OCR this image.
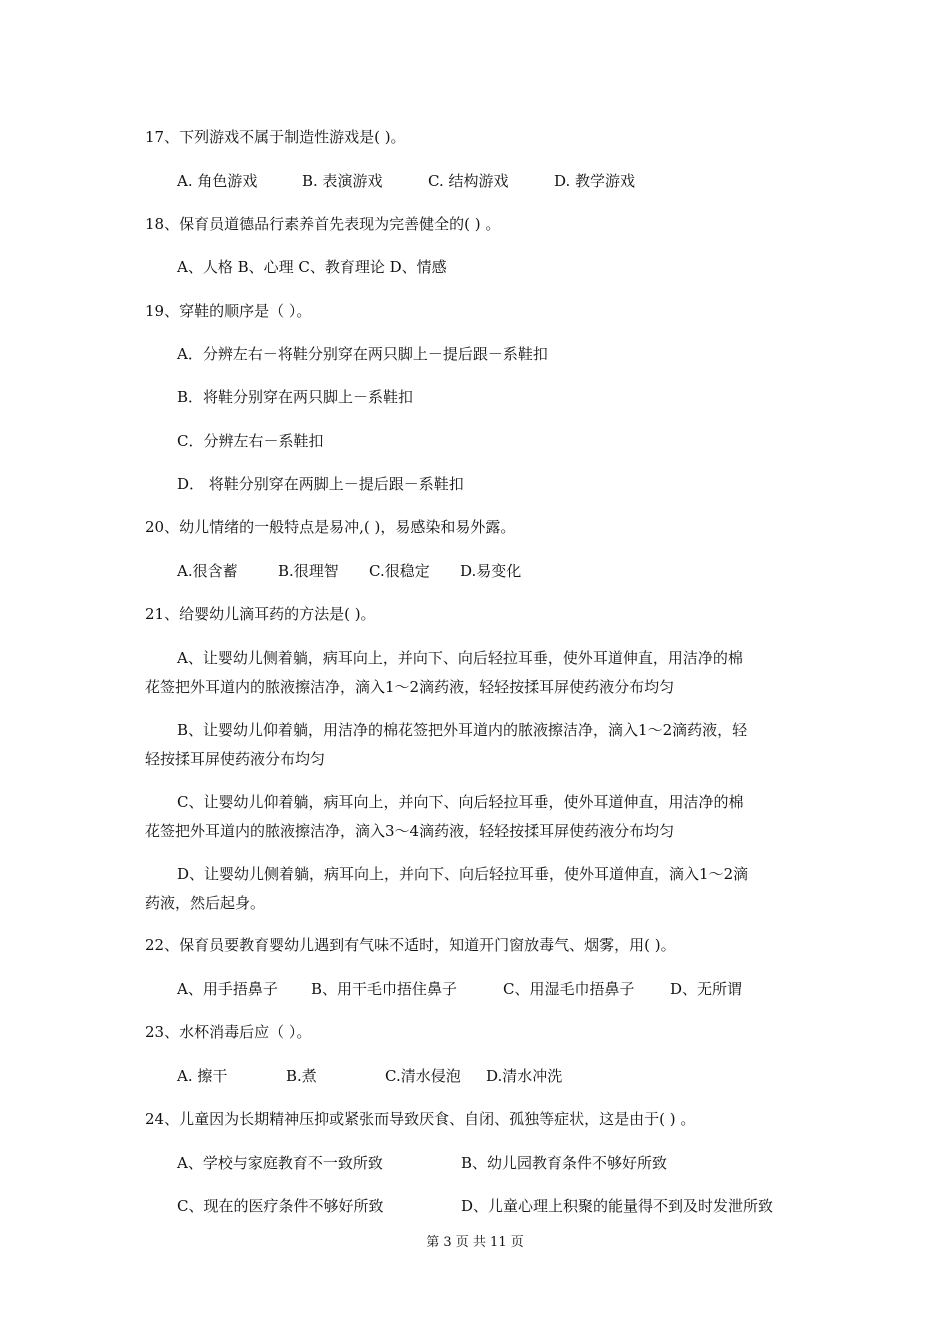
17、下列游戏不属于制造性游戏是( )。
A. 角色游戏	B. 表演游戏	C. 结构游戏	D. 教学游戏
18、保育员道德品行素养首先表现为完善健全的( ) 。
A、人格 B、心理 C、教育理论 D、情感
19、穿鞋的顺序是（ ）。
A．分辨左右－将鞋分别穿在两只脚上－提后跟－系鞋扣
B．将鞋分别穿在两只脚上－系鞋扣
C．分辨左右－系鞋扣
D． 将鞋分别穿在两脚上－提后跟－系鞋扣
20、幼儿情绪的一般特点是易冲,( )，易感染和易外露。
A.很含蓄	B.很理智 C.很稳定 D.易变化
21、给婴幼儿滴耳药的方法是( )。
A、让婴幼儿侧着躺，病耳向上，并向下、向后轻拉耳垂，使外耳道伸直，用洁净的棉
花签把外耳道内的脓液擦洁净，滴入1～2滴药液，轻轻按揉耳屏使药液分布均匀
B、让婴幼儿仰着躺，用洁净的棉花签把外耳道内的脓液擦洁净，滴入1～2滴药液，轻
轻按揉耳屏使药液分布均匀
C、让婴幼儿仰着躺，病耳向上，并向下、向后轻拉耳垂，使外耳道伸直，用洁净的棉
花签把外耳道内的脓液擦洁净，滴入3～4滴药液，轻轻按揉耳屏使药液分布均匀
D、让婴幼儿侧着躺，病耳向上，并向下、向后轻拉耳垂，使外耳道伸直，滴入1～2滴
药液，然后起身。
22、保育员要教育婴幼儿遇到有气味不适时，知道开门窗放毒气、烟雾，用( )。
A、用手捂鼻子 B、用干毛巾捂住鼻子	C、用湿毛巾捂鼻子 D、无所谓
23、水杯消毒后应（ ）。
A. 擦干	B.煮	C.清水侵泡 D.清水冲洗
24、儿童因为长期精神压抑或紧张而导致厌食、自闭、孤独等症状，这是由于( ) 。
A、学校与家庭教育不一致所致	B、幼儿园教育条件不够好所致
C、现在的医疗条件不够好所致	D、儿童心理上积聚的能量得不到及时发泄所致
第 3 页 共 11 页
